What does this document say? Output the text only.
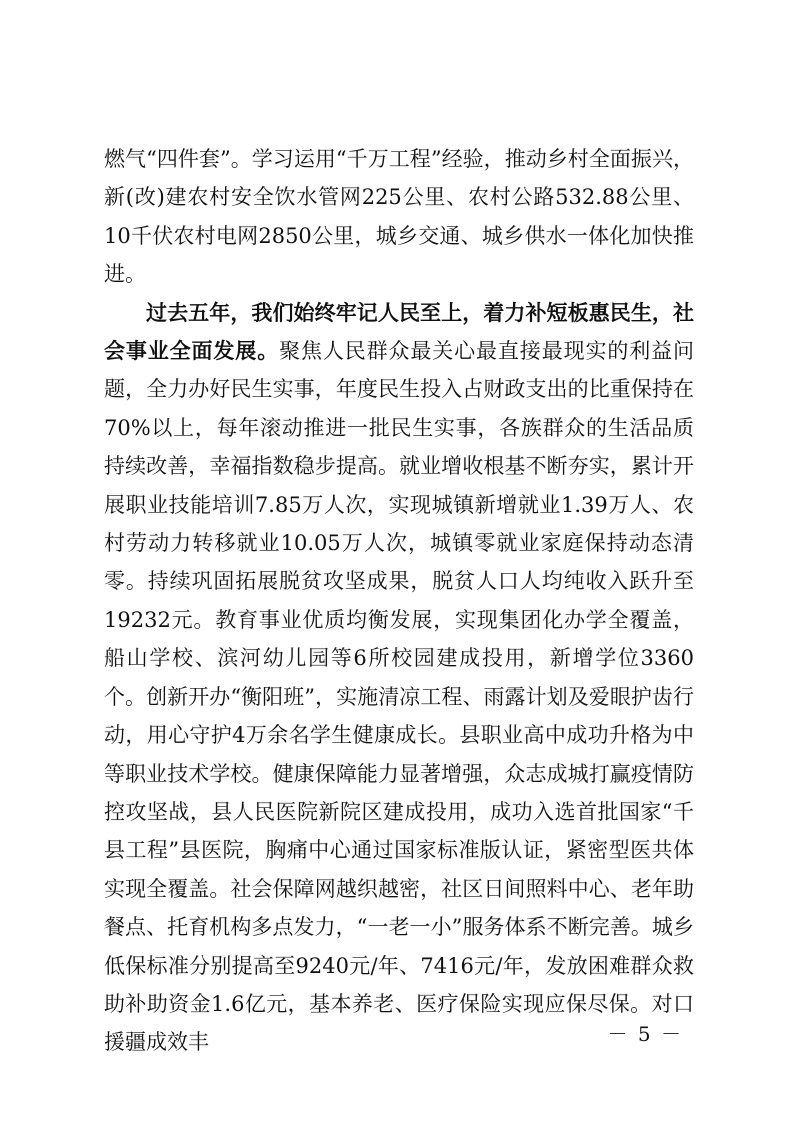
燃气“四件套”。学习运用“千万工程”经验，推动乡村全面振兴，新(改)建农村安全饮水管网225公里、农村公路532.88公里、10千伏农村电网2850公里，城乡交通、城乡供水一体化加快推进。

过去五年，我们始终牢记人民至上，着力补短板惠民生，社会事业全面发展。聚焦人民群众最关心最直接最现实的利益问题，全力办好民生实事，年度民生投入占财政支出的比重保持在70%以上，每年滚动推进一批民生实事，各族群众的生活品质持续改善，幸福指数稳步提高。就业增收根基不断夯实，累计开展职业技能培训7.85万人次，实现城镇新增就业1.39万人、农村劳动力转移就业10.05万人次，城镇零就业家庭保持动态清零。持续巩固拓展脱贫攻坚成果，脱贫人口人均纯收入跃升至19232元。教育事业优质均衡发展，实现集团化办学全覆盖，船山学校、滨河幼儿园等6所校园建成投用，新增学位3360个。创新开办“衡阳班”，实施清凉工程、雨露计划及爱眼护齿行动，用心守护4万余名学生健康成长。县职业高中成功升格为中等职业技术学校。健康保障能力显著增强，众志成城打赢疫情防控攻坚战，县人民医院新院区建成投用，成功入选首批国家“千县工程”县医院，胸痛中心通过国家标准版认证，紧密型医共体实现全覆盖。社会保障网越织越密，社区日间照料中心、老年助餐点、托育机构多点发力，“一老一小”服务体系不断完善。城乡低保标准分别提高至9240元/年、7416元/年，发放困难群众救助补助资金1.6亿元，基本养老、医疗保险实现应保尽保。对口援疆成效丰	－ 5 －
